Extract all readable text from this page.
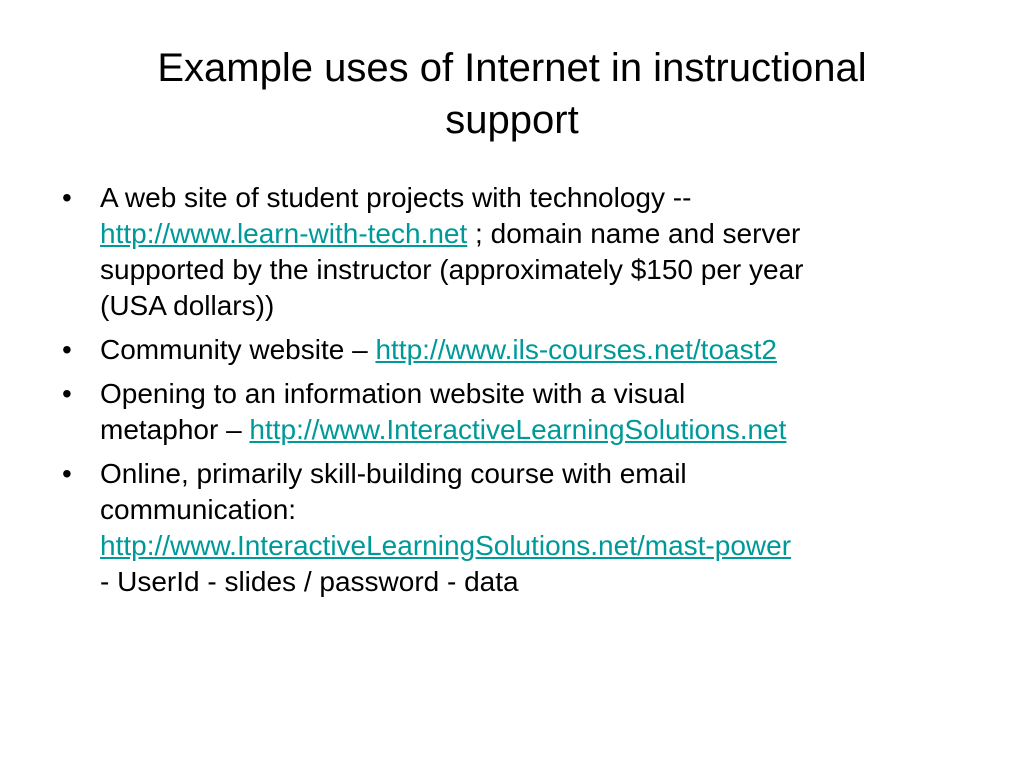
Example uses of Internet in instructional
support
• A web site of student projects with technology --
http://www.learn-with-tech.net ; domain name and server
supported by the instructor (approximately $150 per year
(USA dollars))
• Community website – http://www.ils-courses.net/toast2
• Opening to an information website with a visual
metaphor – http://www.InteractiveLearningSolutions.net
• Online, primarily skill-building course with email
communication:
http://www.InteractiveLearningSolutions.net/mast-power
- UserId - slides / password - data
